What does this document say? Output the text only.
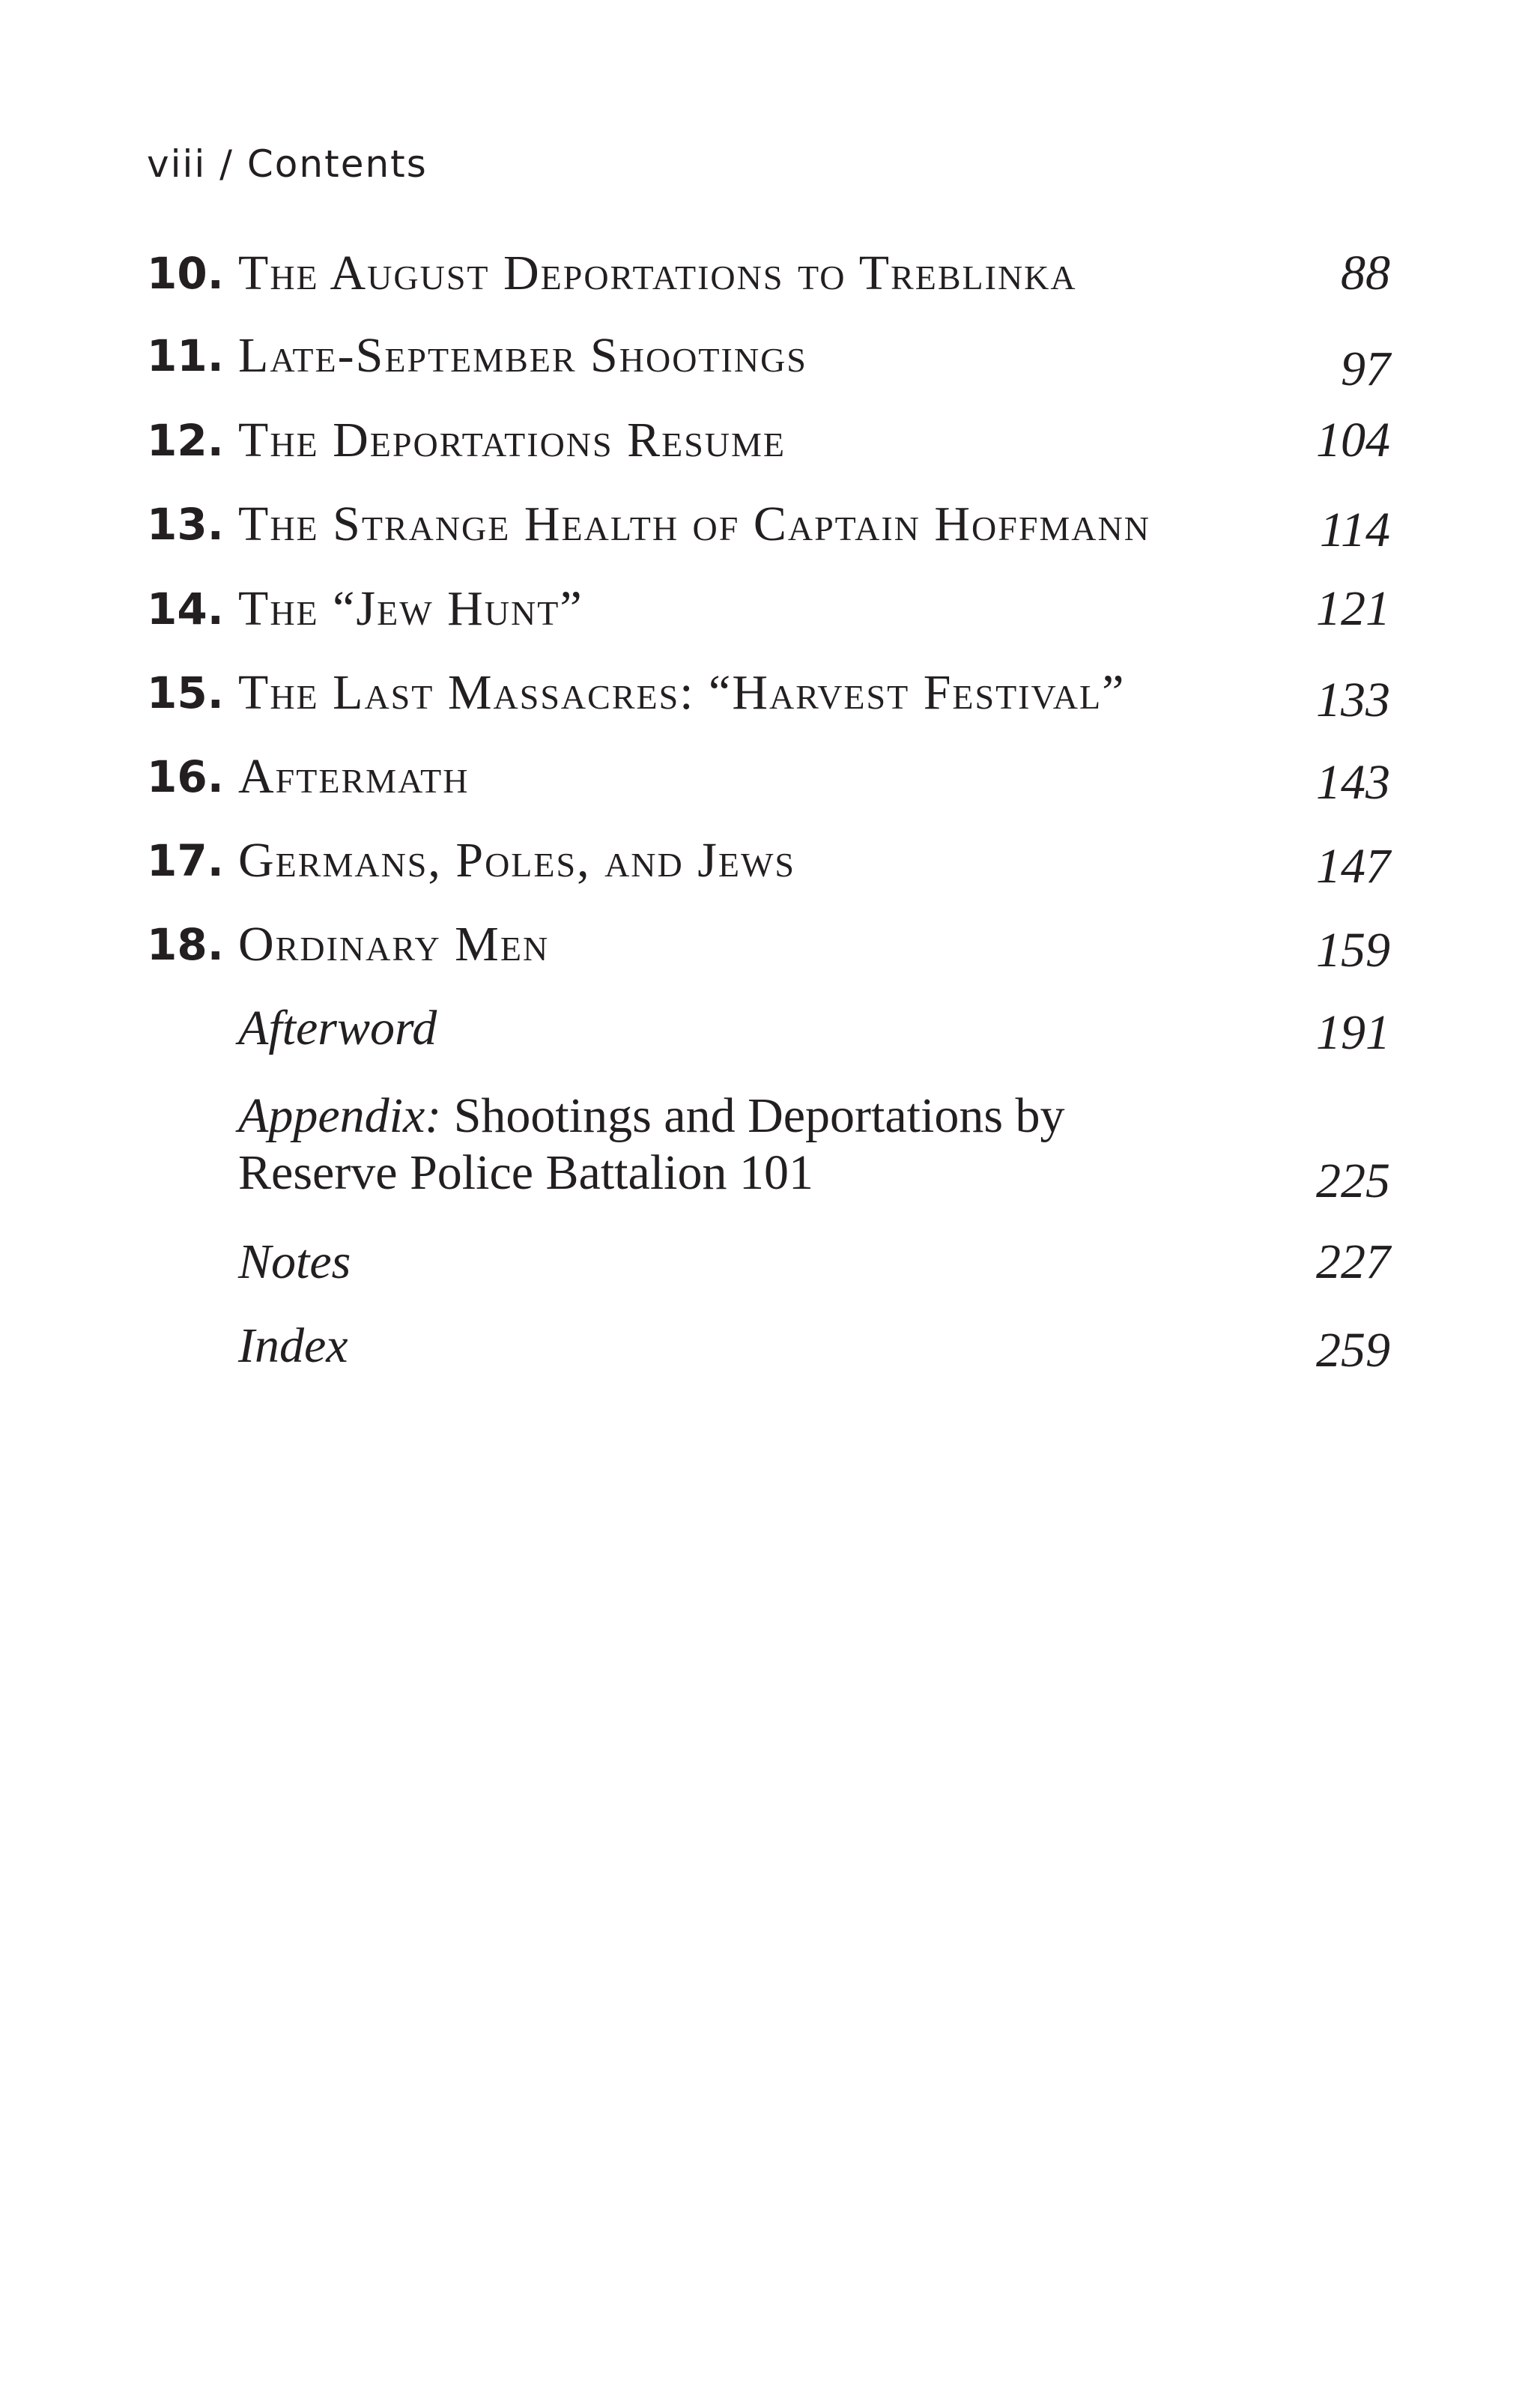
viii / Contents
10. The August Deportations to Treblinka	88
11. Late-September Shootings	97
12. The Deportations Resume	104
13. The Strange Health of Captain Hoffmann	114
14. The “Jew Hunt”	121
15. The Last Massacres: “Harvest Festival”	133
16. Aftermath	143
17. Germans, Poles, and Jews	147
18. Ordinary Men	159
Afterword	191
Appendix: Shootings and Deportations by
Reserve Police Battalion 101	225
Notes	227
Index	259
